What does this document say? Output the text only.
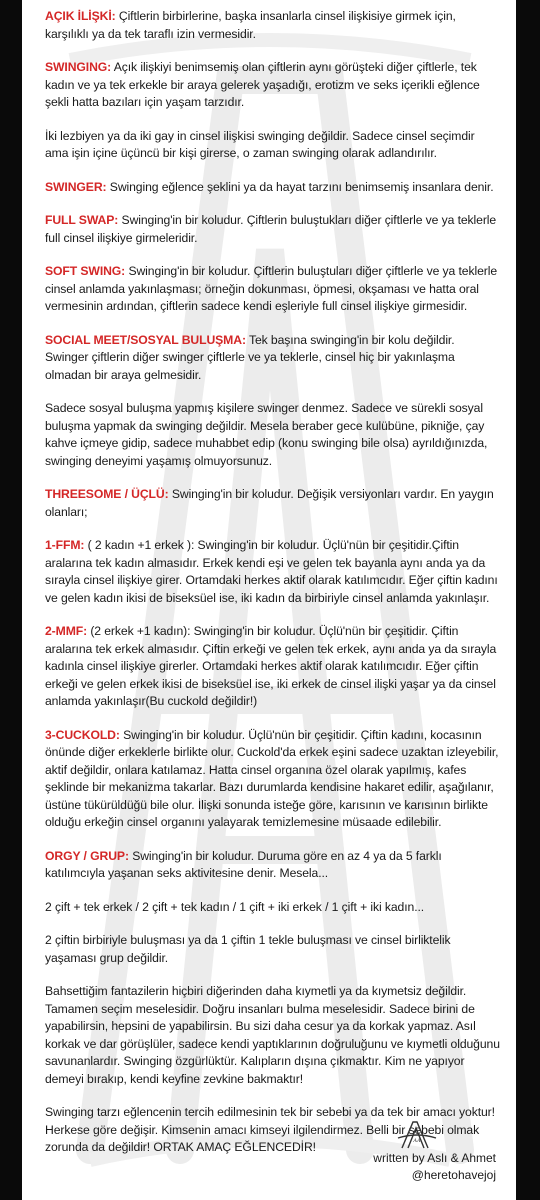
AÇIK İLİŞKİ: Çiftlerin birbirlerine, başka insanlarla cinsel ilişkisiye girmek için, karşılıklı ya da tek taraflı izin vermesidir.

SWINGING: Açık ilişkiyi benimsemiş olan çiftlerin aynı görüşteki diğer çiftlerle, tek kadın ve ya tek erkekle bir araya gelerek yaşadığı, erotizm ve seks içerikli eğlence şekli hatta bazıları için yaşam tarzıdır.

İki lezbiyen ya da iki gay in cinsel ilişkisi swinging değildir. Sadece cinsel seçimdir ama işin içine üçüncü bir kişi girerse, o zaman swinging olarak adlandırılır.

SWINGER: Swinging eğlence şeklini ya da hayat tarzını benimsemiş insanlara denir.

FULL SWAP: Swinging'in bir koludur. Çiftlerin buluştukları diğer çiftlerle ve ya teklerle full cinsel ilişkiye girmeleridir.

SOFT SWING: Swinging'in bir koludur. Çiftlerin buluştuları diğer çiftlerle ve ya teklerle cinsel anlamda yakınlaşması; örneğin dokunması, öpmesi, okşaması ve hatta oral vermesinin ardından, çiftlerin sadece kendi eşleriyle full cinsel ilişkiye girmesidir.

SOCIAL MEET/SOSYAL BULUŞMA: Tek başına swinging'in bir kolu değildir. Swinger çiftlerin diğer swinger çiftlerle ve ya teklerle, cinsel hiç bir yakınlaşma olmadan bir araya gelmesidir.

Sadece sosyal buluşma yapmış kişilere swinger denmez. Sadece ve sürekli sosyal buluşma yapmak da swinging değildir. Mesela beraber gece kulübüne, pikniğe, çay kahve içmeye gidip, sadece muhabbet edip (konu swinging bile olsa) ayrıldığınızda, swinging deneyimi yaşamış olmuyorsunuz.

THREESOME / ÜÇLÜ: Swinging'in bir koludur. Değişik versiyonları vardır. En yaygın olanları;

1-FFM: ( 2 kadın +1 erkek ): Swinging'in bir koludur. Üçlü'nün bir çeşitidir.Çiftin aralarına tek kadın almasıdır. Erkek kendi eşi ve gelen tek bayanla aynı anda ya da sırayla cinsel ilişkiye girer. Ortamdaki herkes aktif olarak katılımcıdır. Eğer çiftin kadını ve gelen kadın ikisi de biseksüel ise, iki kadın da birbiriyle cinsel anlamda yakınlaşır.

2-MMF: (2 erkek +1 kadın): Swinging'in bir koludur. Üçlü'nün bir çeşitidir. Çiftin aralarına tek erkek almasıdır. Çiftin erkeği ve gelen tek erkek, aynı anda ya da sırayla kadınla cinsel ilişkiye girerler. Ortamdaki herkes aktif olarak katılımcıdır. Eğer çiftin erkeği ve gelen erkek ikisi de biseksüel ise, iki erkek de cinsel ilişki yaşar ya da cinsel anlamda yakınlaşır(Bu cuckold değildir!)

3-CUCKOLD: Swinging'in bir koludur. Üçlü'nün bir çeşitidir. Çiftin kadını, kocasının önünde diğer erkeklerle birlikte olur. Cuckold'da erkek eşini sadece uzaktan izleyebilir, aktif değildir, onlara katılamaz. Hatta cinsel organına özel olarak yapılmış, kafes şeklinde bir mekanizma takarlar. Bazı durumlarda kendisine hakaret edilir, aşağılanır, üstüne tükürüldüğü bile olur. İlişki sonunda isteğe göre, karısının ve karısının birlikte olduğu erkeğin cinsel organını yalayarak temizlemesine müsaade edilebilir.

ORGY / GRUP: Swinging'in bir koludur. Duruma göre en az 4 ya da 5 farklı katılımcıyla yaşanan seks aktivitesine denir. Mesela...

2 çift + tek erkek / 2 çift + tek kadın / 1 çift + iki erkek / 1 çift + iki kadın...

2 çiftin birbiriyle buluşması ya da 1 çiftin 1 tekle buluşması ve cinsel birliktelik yaşaması grup değildir.

Bahsettiğim fantazilerin hiçbiri diğerinden daha kıymetli ya da kıymetsiz değildir. Tamamen seçim meselesidir. Doğru insanları bulma meselesidir. Sadece birini de yapabilirsin, hepsini de yapabilirsin. Bu sizi daha cesur ya da korkak yapmaz. Asıl korkak ve dar görüşlüler, sadece kendi yaptıklarının doğruluğunu ve kıymetli olduğunu savunanlardır. Swinging özgürlüktür. Kalıpların dışına çıkmaktır. Kim ne yapıyor demeyi bırakıp, kendi keyfine zevkine bakmaktır!

Swinging tarzı eğlencenin tercih edilmesinin tek bir sebebi ya da tek bir amacı yoktur! Herkese göre değişir. Kimsenin amacı kimseyi ilgilendirmez. Belli bir sebebi olmak zorunda da değildir! ORTAK AMAÇ EĞLENCEDİR!	AA
written by Aslı & Ahmet
@heretohavejoj
